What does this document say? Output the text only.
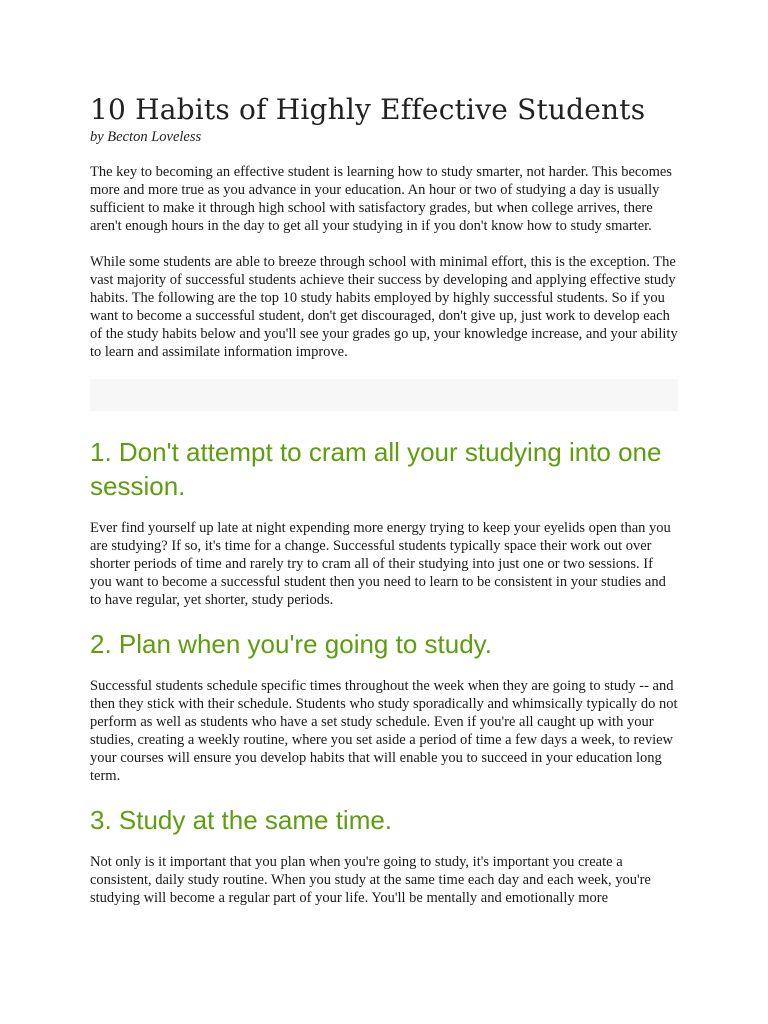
10 Habits of Highly Effective Students

by Becton Loveless

The key to becoming an effective student is learning how to study smarter, not harder. This becomes more and more true as you advance in your education. An hour or two of studying a day is usually sufficient to make it through high school with satisfactory grades, but when college arrives, there aren't enough hours in the day to get all your studying in if you don't know how to study smarter.

While some students are able to breeze through school with minimal effort, this is the exception. The vast majority of successful students achieve their success by developing and applying effective study habits. The following are the top 10 study habits employed by highly successful students. So if you want to become a successful student, don't get discouraged, don't give up, just work to develop each of the study habits below and you'll see your grades go up, your knowledge increase, and your ability to learn and assimilate information improve.

1. Don't attempt to cram all your studying into one session.

Ever find yourself up late at night expending more energy trying to keep your eyelids open than you are studying? If so, it's time for a change. Successful students typically space their work out over shorter periods of time and rarely try to cram all of their studying into just one or two sessions. If you want to become a successful student then you need to learn to be consistent in your studies and to have regular, yet shorter, study periods.

2. Plan when you're going to study.

Successful students schedule specific times throughout the week when they are going to study -- and then they stick with their schedule. Students who study sporadically and whimsically typically do not perform as well as students who have a set study schedule. Even if you're all caught up with your studies, creating a weekly routine, where you set aside a period of time a few days a week, to review your courses will ensure you develop habits that will enable you to succeed in your education long term.

3. Study at the same time.

Not only is it important that you plan when you're going to study, it's important you create a consistent, daily study routine. When you study at the same time each day and each week, you're studying will become a regular part of your life. You'll be mentally and emotionally more
